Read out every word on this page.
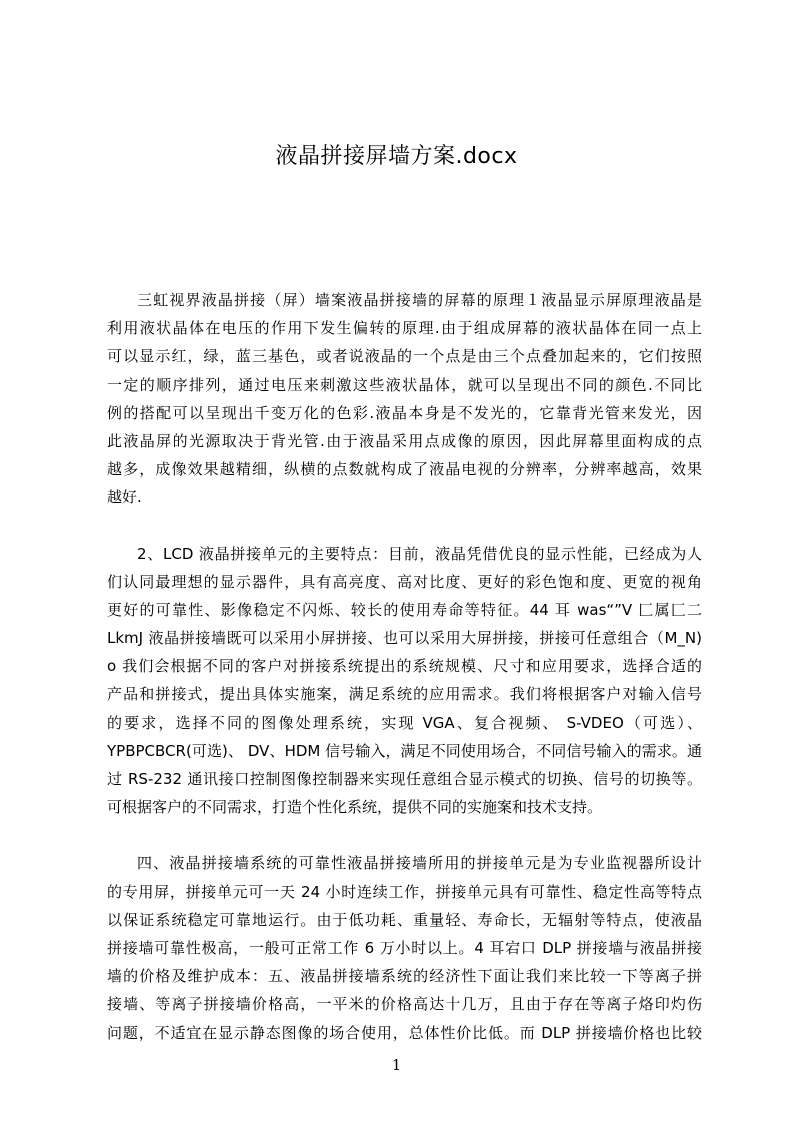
液晶拼接屏墙方案.docx
三虹视界液晶拼接（屏）墙案液晶拼接墙的屏幕的原理１液晶显示屏原理液晶是
利用液状晶体在电压的作用下发生偏转的原理.由于组成屏幕的液状晶体在同一点上
可以显示红，绿，蓝三基色，或者说液晶的一个点是由三个点叠加起来的，它们按照
一定的顺序排列，通过电压来刺激这些液状晶体，就可以呈现出不同的颜色.不同比
例的搭配可以呈现出千变万化的色彩.液晶本身是不发光的，它靠背光管来发光，因
此液晶屏的光源取决于背光管.由于液晶采用点成像的原因，因此屏幕里面构成的点
越多，成像效果越精细，纵横的点数就构成了液晶电视的分辨率，分辨率越高，效果
越好.
2、LCD 液晶拼接单元的主要特点：目前，液晶凭借优良的显示性能，已经成为人
们认同最理想的显示器件，具有高亮度、高对比度、更好的彩色饱和度、更宽的视角
更好的可靠性、影像稳定不闪烁、较长的使用寿命等特征。44 耳 was“”V 匚属匚二
LkmJ 液晶拼接墙既可以采用小屏拼接、也可以采用大屏拼接，拼接可任意组合（M_N)
o 我们会根据不同的客户对拼接系统提出的系统规模、尺寸和应用要求，选择合适的
产品和拼接式，提出具体实施案，满足系统的应用需求。我们将根据客户对输入信号
的要求，选择不同的图像处理系统，实现 VGA、复合视频、 S-VDEO（可选）、
YPBPCBCR(可选)、 DV、HDM 信号输入，满足不同使用场合，不同信号输入的需求。通
过 RS-232 通讯接口控制图像控制器来实现任意组合显示模式的切换、信号的切换等。
可根据客户的不同需求，打造个性化系统，提供不同的实施案和技术支持。
四、液晶拼接墙系统的可靠性液晶拼接墙所用的拼接单元是为专业监视器所设计
的专用屏，拼接单元可一天 24 小时连续工作，拼接单元具有可靠性、稳定性高等特点
以保证系统稳定可靠地运行。由于低功耗、重量轻、寿命长，无辐射等特点，使液晶
拼接墙可靠性极高，一般可正常工作 6 万小时以上。4 耳宕口 DLP 拼接墙与液晶拼接
墙的价格及维护成本：五、液晶拼接墙系统的经济性下面让我们来比较一下等离子拼
接墙、等离子拼接墙价格高，一平米的价格高达十几万，且由于存在等离子烙印灼伤
问题，不适宜在显示静态图像的场合使用，总体性价比低。而 DLP 拼接墙价格也比较
1
